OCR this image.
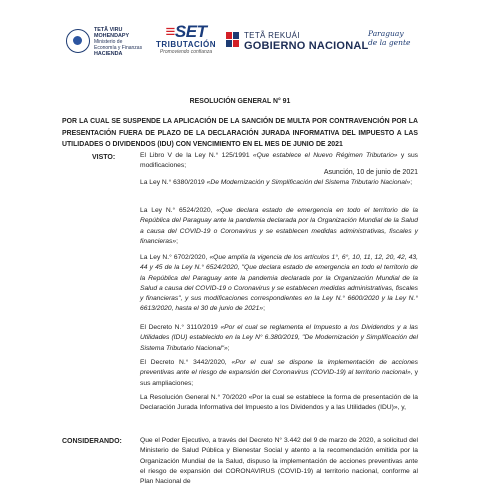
TETÃ VIRU MOHENDAPY
Ministerio de
Economía y Finanzas
HACIENDA
≡SET
TRIBUTACIÓN
Promoviendo confianza
TETÃ REKUÁI
GOBIERNO NACIONAL
Paraguay
de la gente
RESOLUCIÓN GENERAL N° 91
POR LA CUAL SE SUSPENDE LA APLICACIÓN DE LA SANCIÓN DE MULTA POR CONTRAVENCIÓN POR LA PRESENTACIÓN FUERA DE PLAZO DE LA DECLARACIÓN JURADA INFORMATIVA DEL IMPUESTO A LAS UTILIDADES O DIVIDENDOS (IDU) CON VENCIMIENTO EN EL MES DE JUNIO DE 2021
Asunción, 10 de junio de 2021
VISTO:	El Libro V de la Ley N.° 125/1991 «Que establece el Nuevo Régimen Tributario» y sus modificaciones;

La Ley N.° 6380/2019 «De Modernización y Simplificación del Sistema Tributario Nacional»;

La Ley N.° 6524/2020, «Que declara estado de emergencia en todo el territorio de la República del Paraguay ante la pandemia declarada por la Organización Mundial de la Salud a causa del COVID-19 o Coronavirus y se establecen medidas administrativas, fiscales y financieras»;

La Ley N.° 6702/2020, «Que amplía la vigencia de los artículos 1°, 6°, 10, 11, 12, 20, 42, 43, 44 y 45 de la Ley N.° 6524/2020, "Que declara estado de emergencia en todo el territorio de la República del Paraguay ante la pandemia declarada por la Organización Mundial de la Salud a causa del COVID-19 o Coronavirus y se establecen medidas administrativas, fiscales y financieras", y sus modificaciones correspondientes en la Ley N.° 6600/2020 y la Ley N.° 6613/2020, hasta el 30 de junio de 2021»;

El Decreto N.° 3110/2019 «Por el cual se reglamenta el Impuesto a los Dividendos y a las Utilidades (IDU) establecido en la Ley N° 6.380/2019, "De Modernización y Simplificación del Sistema Tributario Nacional"»;

El Decreto N.° 3442/2020, «Por el cual se dispone la implementación de acciones preventivas ante el riesgo de expansión del Coronavirus (COVID-19) al territorio nacional», y sus ampliaciones;

La Resolución General N.° 70/2020 «Por la cual se establece la forma de presentación de la Declaración Jurada Informativa del Impuesto a los Dividendos y a las Utilidades (IDU)», y,

CONSIDERANDO:	Que el Poder Ejecutivo, a través del Decreto N° 3.442 del 9 de marzo de 2020, a solicitud del Ministerio de Salud Pública y Bienestar Social y atento a la recomendación emitida por la Organización Mundial de la Salud, dispuso la implementación de acciones preventivas ante el riesgo de expansión del CORONAVIRUS (COVID-19) al territorio nacional, conforme al Plan Nacional de
